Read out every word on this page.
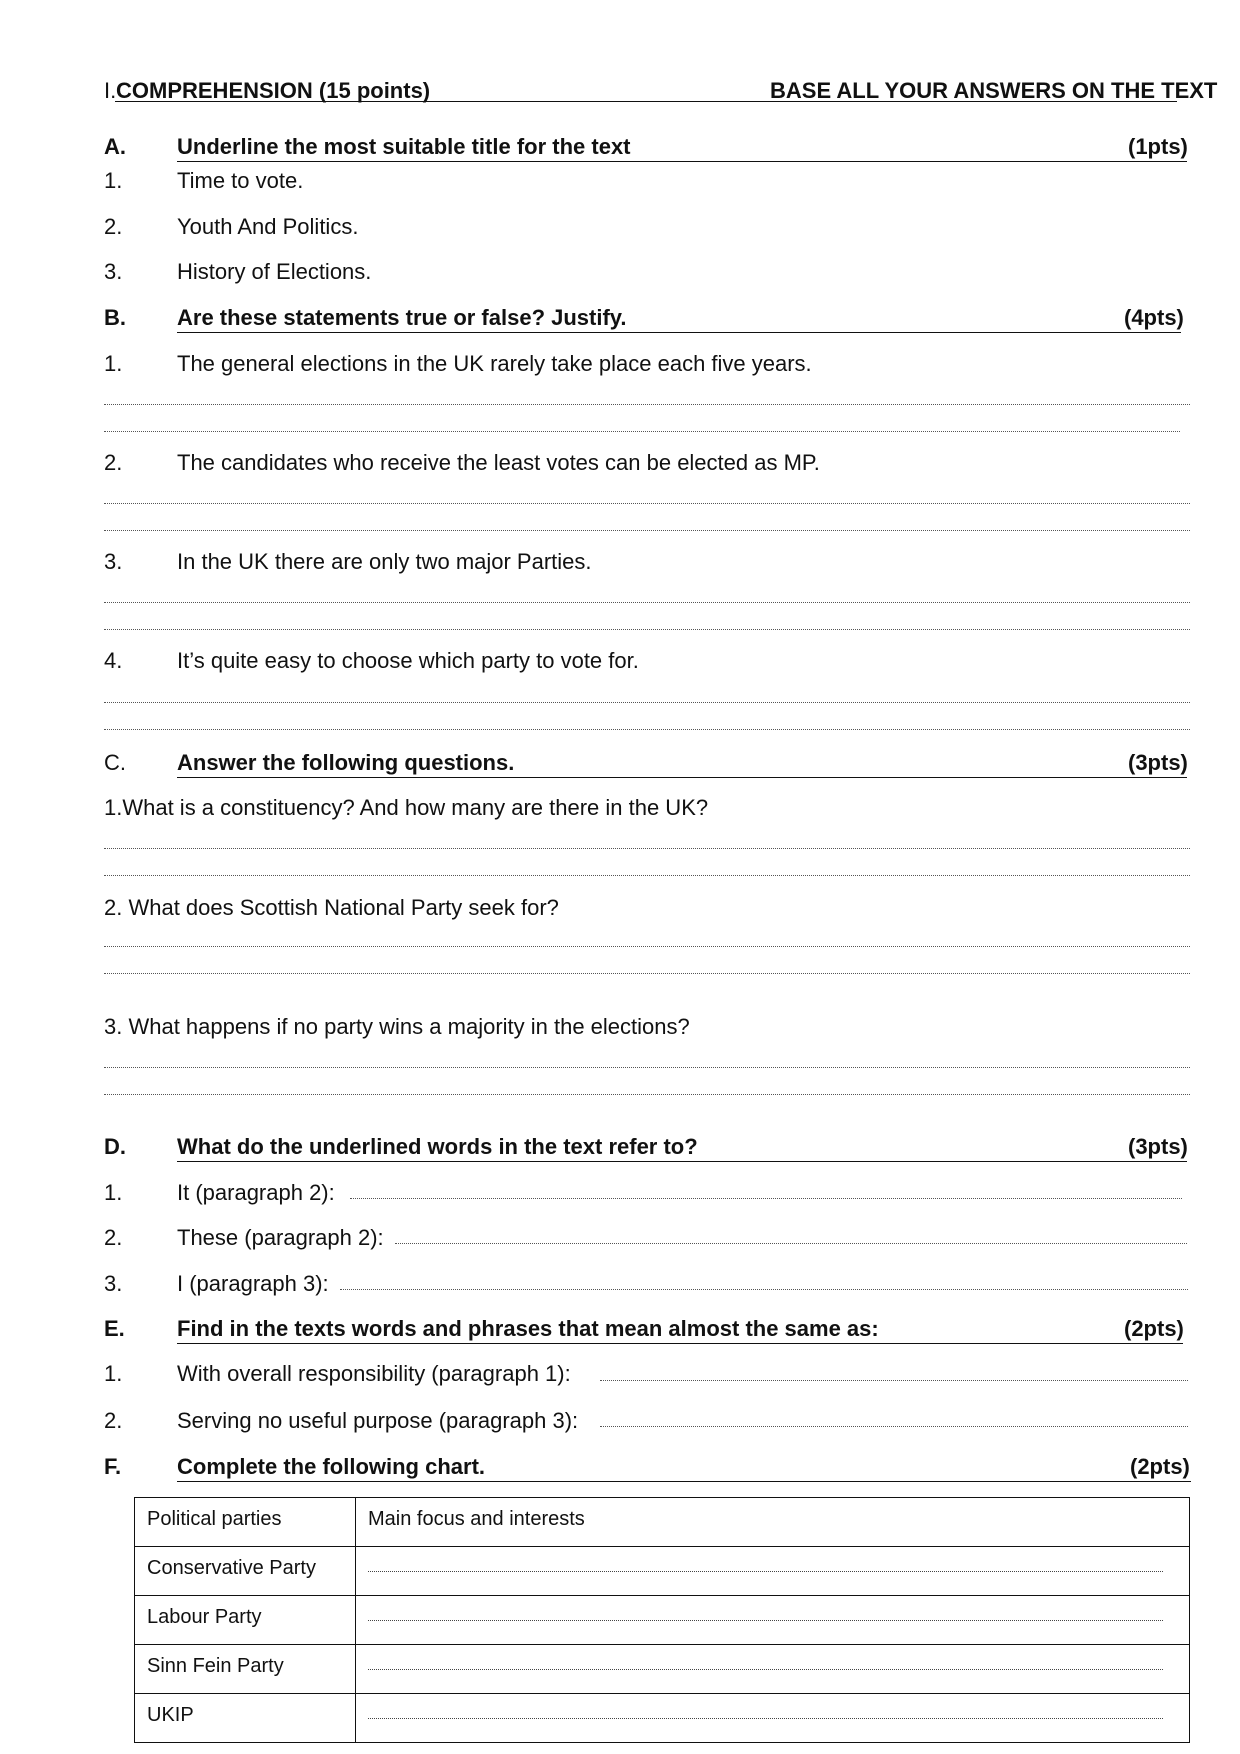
I. COMPREHENSION (15 points)	BASE ALL YOUR ANSWERS ON THE TEXT
A. Underline the most suitable title for the text	(1pts)
1. Time to vote.
2. Youth And Politics.
3. History of Elections.
B. Are these statements true or false? Justify.	(4pts)
1. The general elections in the UK rarely take place each five years.
2. The candidates who receive the least votes can be elected as MP.
3. In the UK there are only two major Parties.
4. It’s quite easy to choose which party to vote for.
C. Answer the following questions.	(3pts)
1.What is a constituency? And how many are there in the UK?
2. What does Scottish National Party seek for?
3. What happens if no party wins a majority in the elections?
D. What do the underlined words in the text refer to?	(3pts)
1. It (paragraph 2):
2. These (paragraph 2):
3. I (paragraph 3):
E. Find in the texts words and phrases that mean almost the same as:	(2pts)
1. With overall responsibility (paragraph 1):
2. Serving no useful purpose (paragraph 3):
F.	Complete the following chart.	(2pts)
Political parties	Main focus and interests
Conservative Party	

Labour Party	

Sinn Fein Party	

UKIP	
